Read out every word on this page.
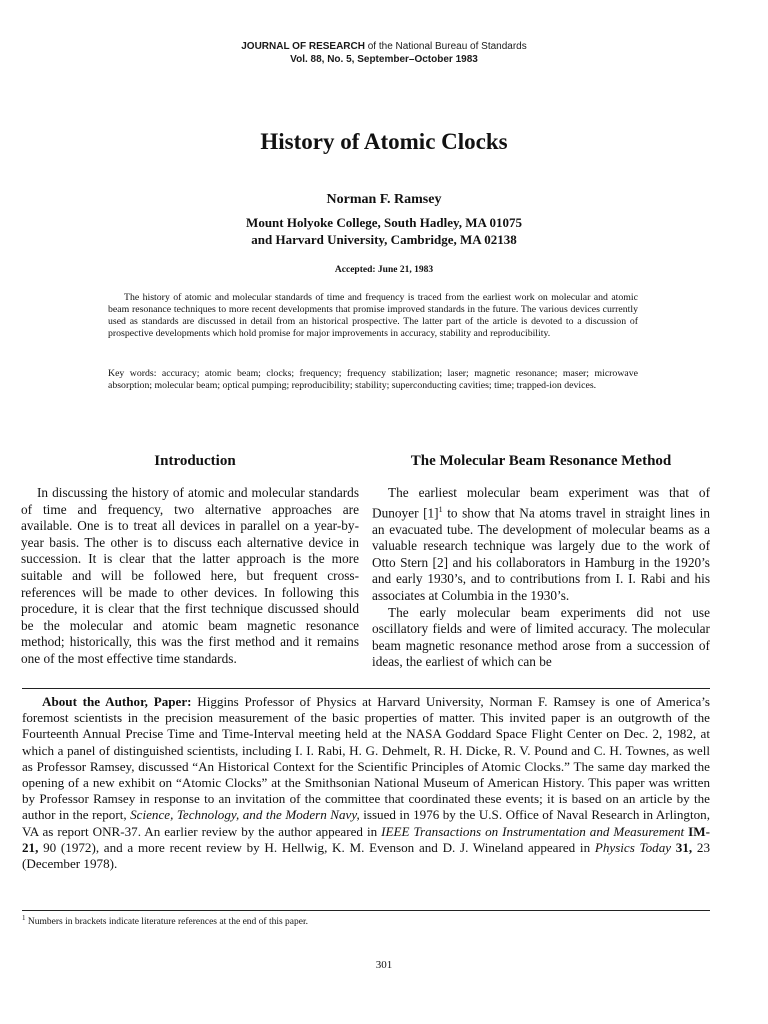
JOURNAL OF RESEARCH of the National Bureau of Standards
Vol. 88, No. 5, September–October 1983
History of Atomic Clocks
Norman F. Ramsey
Mount Holyoke College, South Hadley, MA 01075
and Harvard University, Cambridge, MA 02138
Accepted: June 21, 1983

The history of atomic and molecular standards of time and frequency is traced from the earliest work on molecular and atomic beam resonance techniques to more recent developments that promise improved standards in the future. The various devices currently used as standards are discussed in detail from an historical prospective. The latter part of the article is devoted to a discussion of prospective developments which hold promise for major improvements in accuracy, stability and reproducibility.

Key words: accuracy; atomic beam; clocks; frequency; frequency stabilization; laser; magnetic resonance; maser; microwave absorption; molecular beam; optical pumping; reproducibility; stability; superconducting cavities; time; trapped-ion devices.

Introduction	The Molecular Beam Resonance Method

In discussing the history of atomic and molecular standards of time and frequency, two alternative approaches are available. One is to treat all devices in parallel on a year-by-year basis. The other is to discuss each alternative device in succession. It is clear that the latter approach is the more suitable and will be followed here, but frequent cross-references will be made to other devices. In following this procedure, it is clear that the first technique discussed should be the molecular and atomic beam magnetic resonance method; historically, this was the first method and it remains one of the most effective time standards.

The earliest molecular beam experiment was that of Dunoyer $[1]^1$ to show that Na atoms travel in straight lines in an evacuated tube. The development of molecular beams as a valuable research technique was largely due to the work of Otto Stern [2] and his collaborators in Hamburg in the 1920’s and early 1930’s, and to contributions from I. I. Rabi and his associates at Columbia in the 1930’s.

The early molecular beam experiments did not use oscillatory fields and were of limited accuracy. The molecular beam magnetic resonance method arose from a succession of ideas, the earliest of which can be

About the Author, Paper: Higgins Professor of Physics at Harvard University, Norman F. Ramsey is one of America’s foremost scientists in the precision measurement of the basic properties of matter. This invited paper is an outgrowth of the Fourteenth Annual Precise Time and Time-Interval meeting held at the NASA Goddard Space Flight Center on Dec. 2, 1982, at which a panel of distinguished scientists, including I. I. Rabi, H. G. Dehmelt, R. H. Dicke, R. V. Pound and C. H. Townes, as well as Professor Ramsey, discussed “An Historical Context for the Scientific Principles of Atomic Clocks.” The same day marked the opening of a new exhibit on “Atomic Clocks” at the Smithsonian National Museum of American History. This paper was written by Professor Ramsey in response to an invitation of the committee that coordinated these events; it is based on an article by the author in the report, Science, Technology, and the Modern Navy, issued in 1976 by the U.S. Office of Naval Research in Arlington, VA as report ONR-37. An earlier review by the author appeared in IEEE Transactions on Instrumentation and Measurement IM-21, 90 (1972), and a more recent review by H. Hellwig, K. M. Evenson and D. J. Wineland appeared in Physics Today 31, 23 (December 1978).

$^1$ Numbers in brackets indicate literature references at the end of this paper.

301
